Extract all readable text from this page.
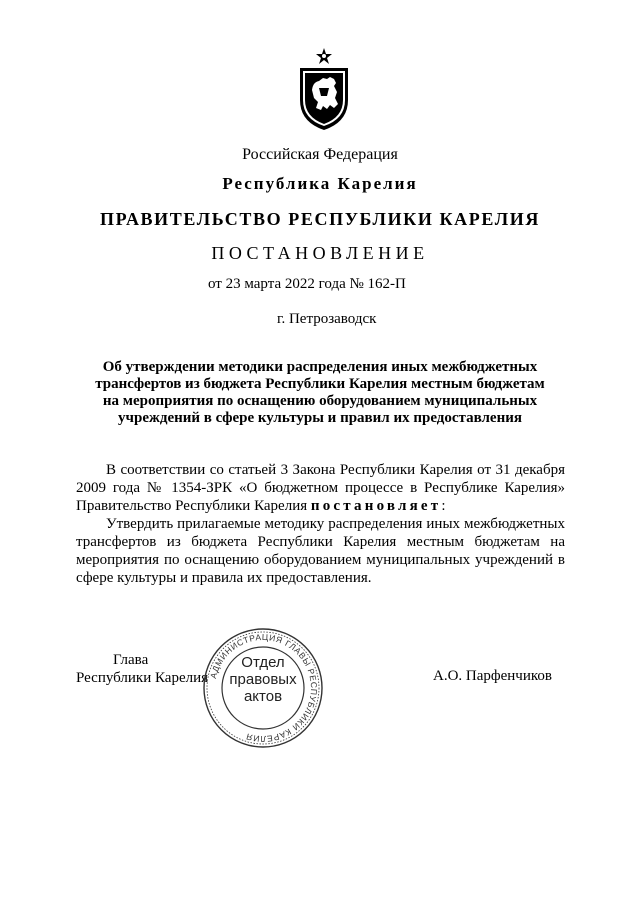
Российская Федерация
Республика Карелия
ПРАВИТЕЛЬСТВО РЕСПУБЛИКИ КАРЕЛИЯ
ПОСТАНОВЛЕНИЕ
от 23 марта 2022 года № 162-П
г. Петрозаводск
Об утверждении методики распределения иных межбюджетных
трансфертов из бюджета Республики Карелия местным бюджетам
на мероприятия по оснащению оборудованием муниципальных
учреждений в сфере культуры и правил их предоставления

В соответствии со статьей 3 Закона Республики Карелия от 31 декабря 2009 года № 1354-ЗРК «О бюджетном процессе в Республике Карелия» Правительство Республики Карелия постановляет:

Утвердить прилагаемые методику распределения иных межбюджетных трансфертов из бюджета Республики Карелия местным бюджетам на мероприятия по оснащению оборудованием муниципальных учреждений в сфере культуры и правила их предоставления.

Глава
Республики Карелия	А.О. Парфенчиков
АДМИНИСТРАЦИЯ ГЛАВЫ РЕСПУБЛИКИ КАРЕЛИЯ
Отдел
правовых
актов
